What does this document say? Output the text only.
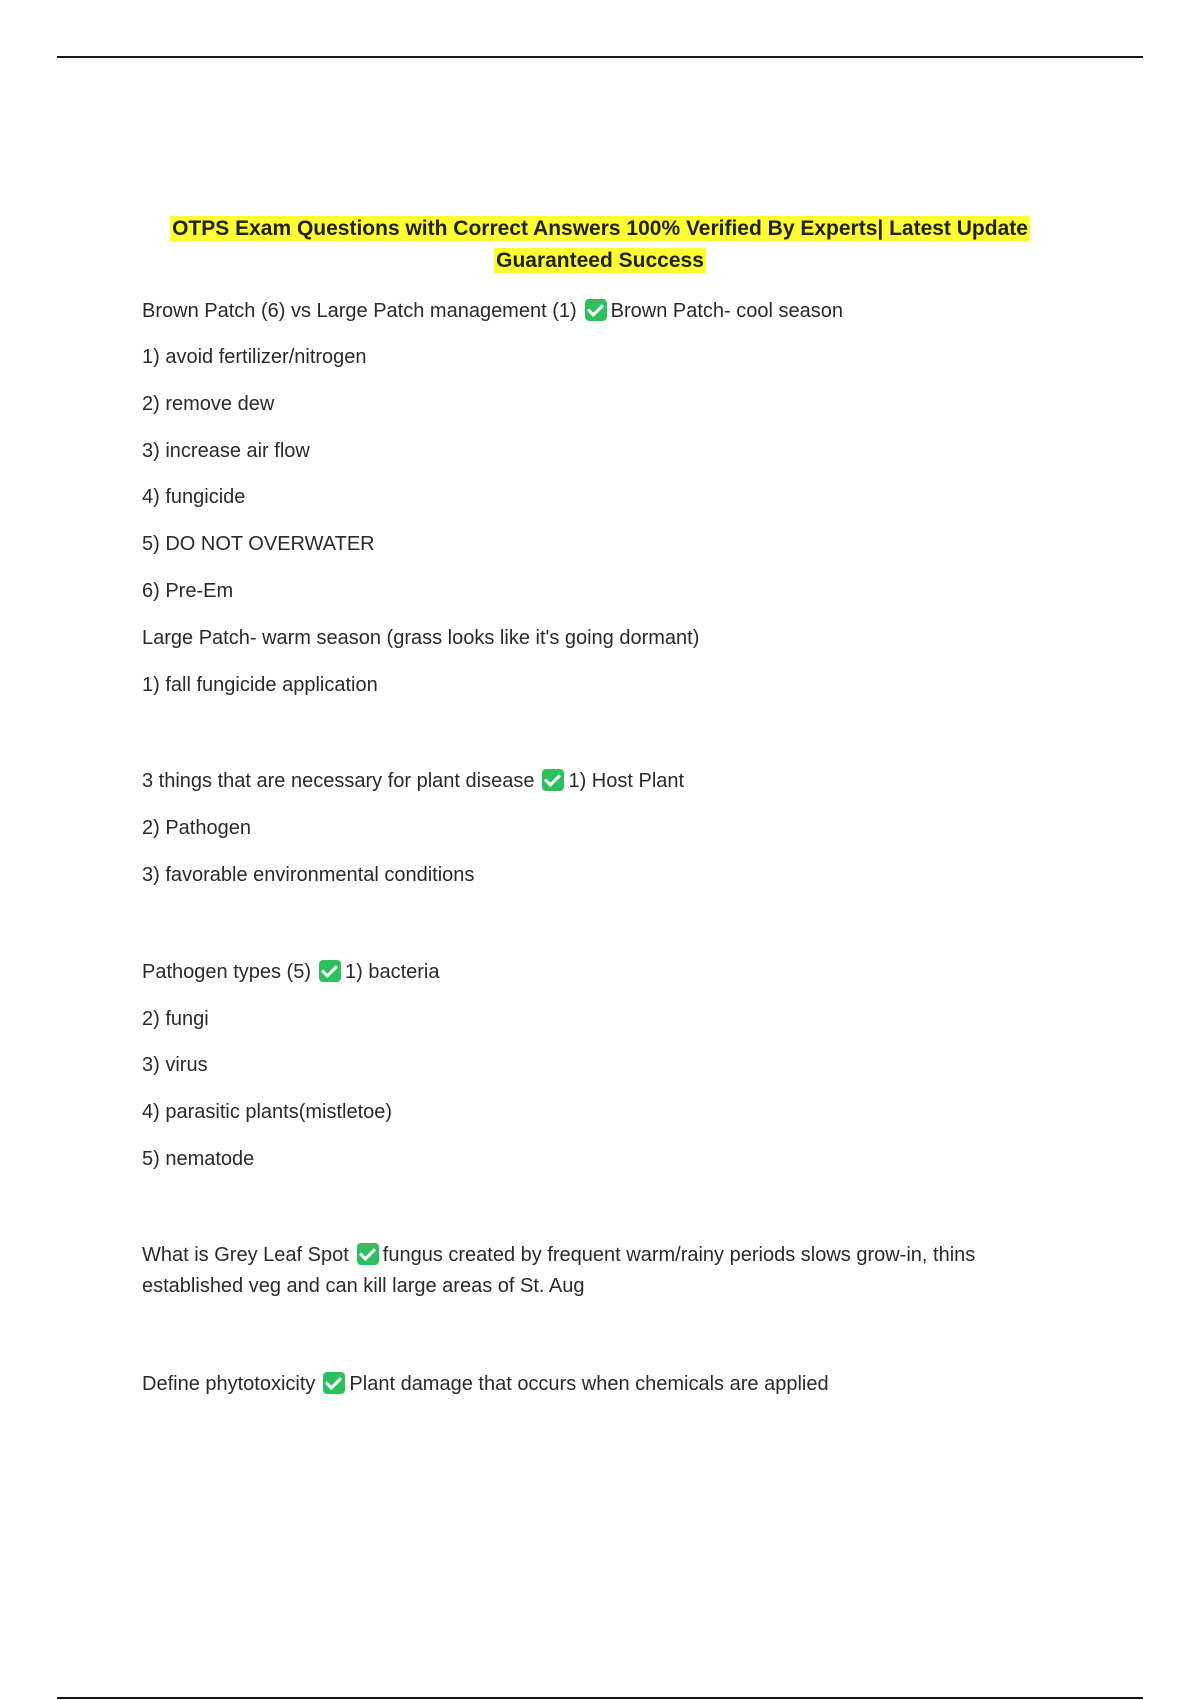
OTPS Exam Questions with Correct Answers 100% Verified By Experts| Latest Update
Guaranteed Success
Brown Patch (6) vs Large Patch management (1) Brown Patch- cool season
1) avoid fertilizer/nitrogen
2) remove dew
3) increase air flow
4) fungicide
5) DO NOT OVERWATER
6) Pre-Em
Large Patch- warm season (grass looks like it's going dormant)
1) fall fungicide application
3 things that are necessary for plant disease 1) Host Plant
2) Pathogen
3) favorable environmental conditions
Pathogen types (5) 1) bacteria
2) fungi
3) virus
4) parasitic plants(mistletoe)
5) nematode
What is Grey Leaf Spot fungus created by frequent warm/rainy periods slows grow-in, thins established veg and can kill large areas of St. Aug
Define phytotoxicity Plant damage that occurs when chemicals are applied
